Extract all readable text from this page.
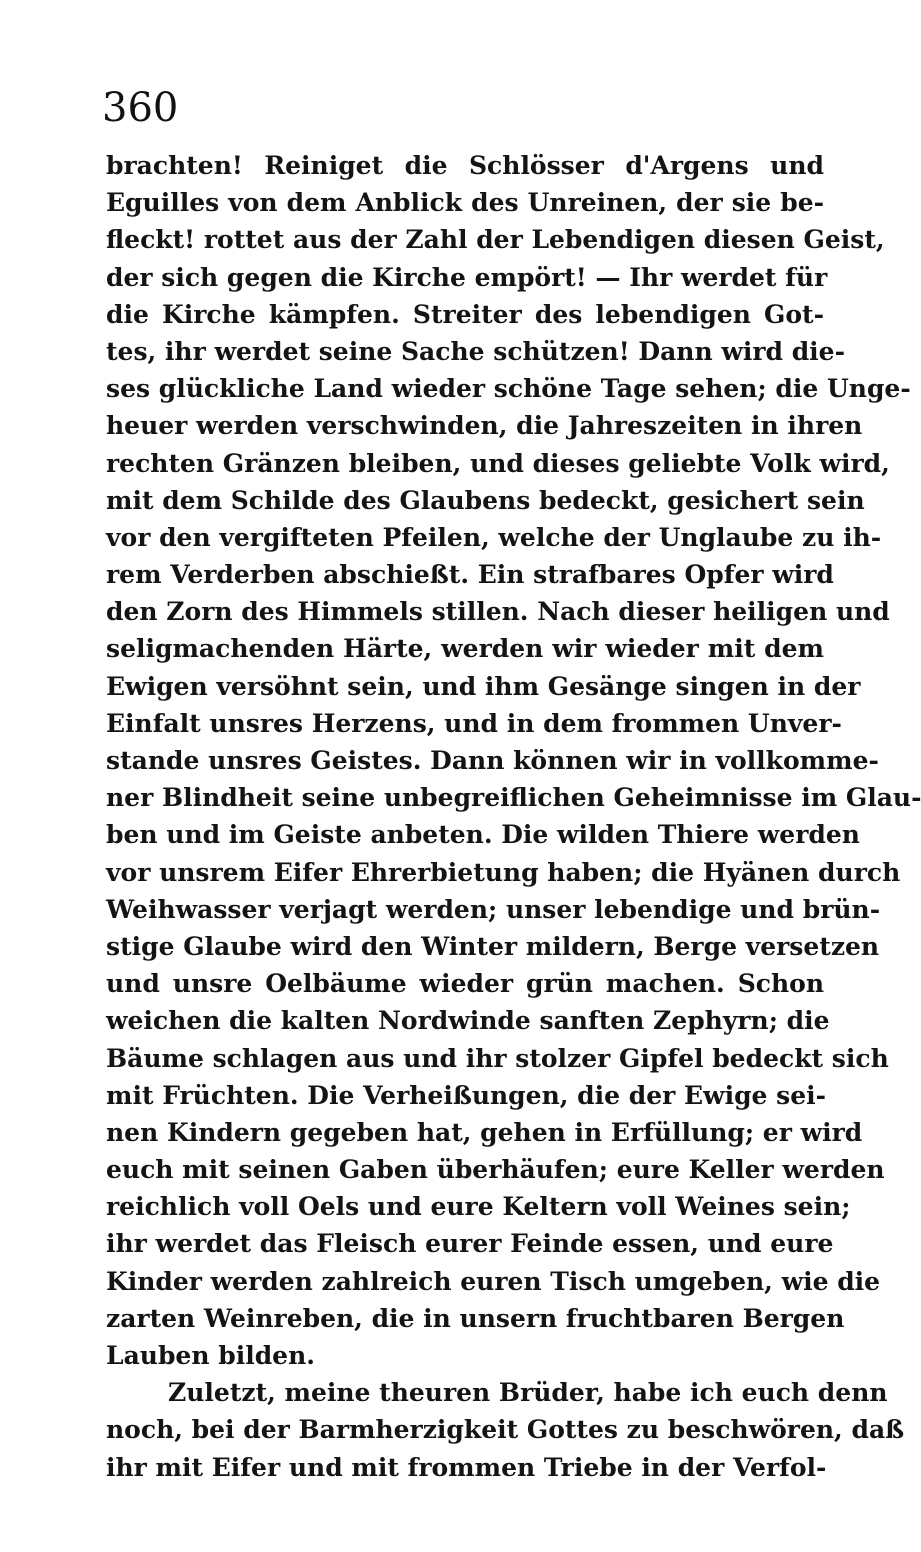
360
brachten! Reiniget die Schlösser d'Argens und
Eguilles von dem Anblick des Unreinen, der sie be-
fleckt! rottet aus der Zahl der Lebendigen diesen Geist,
der sich gegen die Kirche empört! — Ihr werdet für
die Kirche kämpfen. Streiter des lebendigen Got-
tes, ihr werdet seine Sache schützen! Dann wird die-
ses glückliche Land wieder schöne Tage sehen; die Unge-
heuer werden verschwinden, die Jahreszeiten in ihren
rechten Gränzen bleiben, und dieses geliebte Volk wird,
mit dem Schilde des Glaubens bedeckt, gesichert sein
vor den vergifteten Pfeilen, welche der Unglaube zu ih-
rem Verderben abschießt. Ein strafbares Opfer wird
den Zorn des Himmels stillen. Nach dieser heiligen und
seligmachenden Härte, werden wir wieder mit dem
Ewigen versöhnt sein, und ihm Gesänge singen in der
Einfalt unsres Herzens, und in dem frommen Unver-
stande unsres Geistes. Dann können wir in vollkomme-
ner Blindheit seine unbegreiflichen Geheimnisse im Glau-
ben und im Geiste anbeten. Die wilden Thiere werden
vor unsrem Eifer Ehrerbietung haben; die Hyänen durch
Weihwasser verjagt werden; unser lebendige und brün-
stige Glaube wird den Winter mildern, Berge versetzen
und unsre Oelbäume wieder grün machen. Schon
weichen die kalten Nordwinde sanften Zephyrn; die
Bäume schlagen aus und ihr stolzer Gipfel bedeckt sich
mit Früchten. Die Verheißungen, die der Ewige sei-
nen Kindern gegeben hat, gehen in Erfüllung; er wird
euch mit seinen Gaben überhäufen; eure Keller werden
reichlich voll Oels und eure Keltern voll Weines sein;
ihr werdet das Fleisch eurer Feinde essen, und eure
Kinder werden zahlreich euren Tisch umgeben, wie die
zarten Weinreben, die in unsern fruchtbaren Bergen
Lauben bilden.
Zuletzt, meine theuren Brüder, habe ich euch denn
noch, bei der Barmherzigkeit Gottes zu beschwören, daß
ihr mit Eifer und mit frommen Triebe in der Verfol-
